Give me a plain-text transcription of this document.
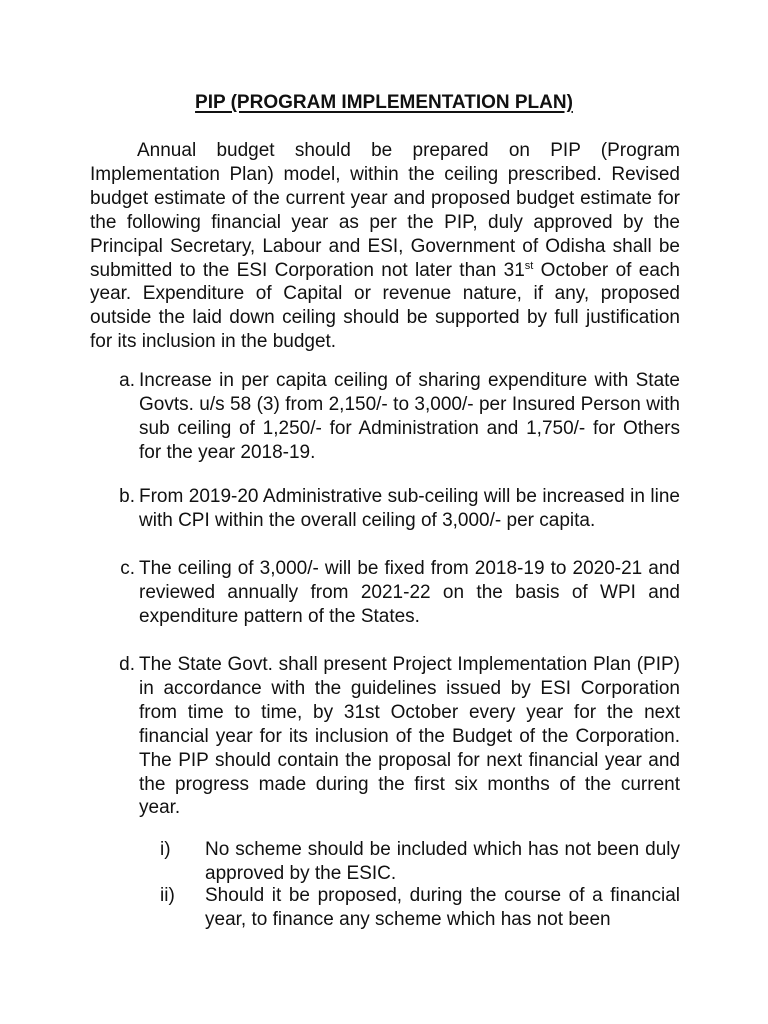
PIP (PROGRAM IMPLEMENTATION PLAN)

Annual budget should be prepared on PIP (Program Implementation Plan) model, within the ceiling prescribed. Revised budget estimate of the current year and proposed budget estimate for the following financial year as per the PIP, duly approved by the Principal Secretary, Labour and ESI, Government of Odisha shall be submitted to the ESI Corporation not later than 31st October of each year. Expenditure of Capital or revenue nature, if any, proposed outside the laid down ceiling should be supported by full justification for its inclusion in the budget.

a. Increase in per capita ceiling of sharing expenditure with State Govts. u/s 58 (3) from 2,150/- to 3,000/- per Insured Person with sub ceiling of 1,250/- for Administration and 1,750/- for Others for the year 2018-19.
b. From 2019-20 Administrative sub-ceiling will be increased in line with CPI within the overall ceiling of 3,000/- per capita.
c. The ceiling of 3,000/- will be fixed from 2018-19 to 2020-21 and reviewed annually from 2021-22 on the basis of WPI and expenditure pattern of the States.
d. The State Govt. shall present Project Implementation Plan (PIP) in accordance with the guidelines issued by ESI Corporation from time to time, by 31st October every year for the next financial year for its inclusion of the Budget of the Corporation. The PIP should contain the proposal for next financial year and the progress made during the first six months of the current year.
i) No scheme should be included which has not been duly approved by the ESIC.
ii) Should it be proposed, during the course of a financial year, to finance any scheme which has not been
